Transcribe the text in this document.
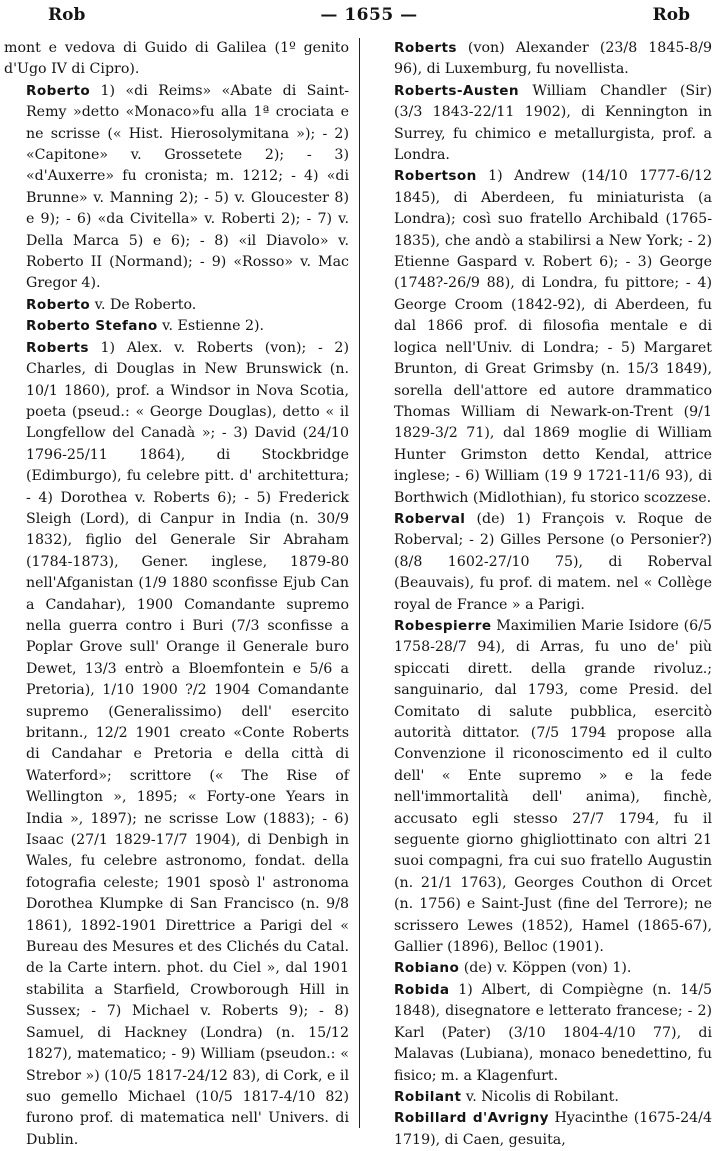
Rob	— 1655 —	Rob

mont e vedova di Guido di Galilea (1º genito d'Ugo IV di Cipro).

Roberto 1) «di Reims» «Abate di Saint-Remy »detto «Monaco»fu alla 1ª crociata e ne scrisse (« Hist. Hierosolymitana »); - 2) «Capitone» v. Grossetete 2); - 3) «d'Auxerre» fu cronista; m. 1212; - 4) «di Brunne» v. Manning 2); - 5) v. Gloucester 8) e 9); - 6) «da Civitella» v. Roberti 2); - 7) v. Della Marca 5) e 6); - 8) «il Diavolo» v. Roberto II (Normand); - 9) «Rosso» v. Mac Gregor 4).

Roberto v. De Roberto.

Roberto Stefano v. Estienne 2).

Roberts 1) Alex. v. Roberts (von); - 2) Charles, di Douglas in New Brunswick (n. 10/1 1860), prof. a Windsor in Nova Scotia, poeta (pseud.: « George Douglas), detto « il Longfellow del Canadà »; - 3) David (24/10 1796-25/11 1864), di Stockbridge (Edimburgo), fu celebre pitt. d' architettura; - 4) Dorothea v. Roberts 6); - 5) Frederick Sleigh (Lord), di Canpur in India (n. 30/9 1832), figlio del Generale Sir Abraham (1784-1873), Gener. inglese, 1879-80 nell'Afganistan (1/9 1880 sconfisse Ejub Can a Candahar), 1900 Comandante supremo nella guerra contro i Buri (7/3 sconfisse a Poplar Grove sull' Orange il Generale buro Dewet, 13/3 entrò a Bloemfontein e 5/6 a Pretoria), 1/10 1900 ?/2 1904 Comandante supremo (Generalissimo) dell' esercito britann., 12/2 1901 creato «Conte Roberts di Candahar e Pretoria e della città di Waterford»; scrittore (« The Rise of Wellington », 1895; « Forty-one Years in India », 1897); ne scrisse Low (1883); - 6) Isaac (27/1 1829-17/7 1904), di Denbigh in Wales, fu celebre astronomo, fondat. della fotografia celeste; 1901 sposò l' astronoma Dorothea Klumpke di San Francisco (n. 9/8 1861), 1892-1901 Direttrice a Parigi del « Bureau des Mesures et des Clichés du Catal. de la Carte intern. phot. du Ciel », dal 1901 stabilita a Starfield, Crowborough Hill in Sussex; - 7) Michael v. Roberts 9); - 8) Samuel, di Hackney (Londra) (n. 15/12 1827), matematico; - 9) William (pseudon.: « Strebor ») (10/5 1817-24/12 83), di Cork, e il suo gemello Michael (10/5 1817-4/10 82) furono prof. di matematica nell' Univers. di Dublin.

Roberts (von) Alexander (23/8 1845-8/9 96), di Luxemburg, fu novellista.

Roberts-Austen William Chandler (Sir) (3/3 1843-22/11 1902), di Kennington in Surrey, fu chimico e metallurgista, prof. a Londra.

Robertson 1) Andrew (14/10 1777-6/12 1845), di Aberdeen, fu miniaturista (a Londra); così suo fratello Archibald (1765-1835), che andò a stabilirsi a New York; - 2) Etienne Gaspard v. Robert 6); - 3) George (1748?-26/9 88), di Londra, fu pittore; - 4) George Croom (1842-92), di Aberdeen, fu dal 1866 prof. di filosofia mentale e di logica nell'Univ. di Londra; - 5) Margaret Brunton, di Great Grimsby (n. 15/3 1849), sorella dell'attore ed autore drammatico Thomas William di Newark-on-Trent (9/1 1829-3/2 71), dal 1869 moglie di William Hunter Grimston detto Kendal, attrice inglese; - 6) William (19 9 1721-11/6 93), di Borthwich (Midlothian), fu storico scozzese.

Roberval (de) 1) François v. Roque de Roberval; - 2) Gilles Persone (o Personier?) (8/8 1602-27/10 75), di Roberval (Beauvais), fu prof. di matem. nel « Collège royal de France » a Parigi.

Robespierre Maximilien Marie Isidore (6/5 1758-28/7 94), di Arras, fu uno de' più spiccati dirett. della grande rivoluz.; sanguinario, dal 1793, come Presid. del Comitato di salute pubblica, esercitò autorità dittator. (7/5 1794 propose alla Convenzione il riconoscimento ed il culto dell' « Ente supremo » e la fede nell'immortalità dell' anima), finchè, accusato egli stesso 27/7 1794, fu il seguente giorno ghigliottinato con altri 21 suoi compagni, fra cui suo fratello Augustin (n. 21/1 1763), Georges Couthon di Orcet (n. 1756) e Saint-Just (fine del Terrore); ne scrissero Lewes (1852), Hamel (1865-67), Gallier (1896), Belloc (1901).

Robiano (de) v. Köppen (von) 1).

Robida 1) Albert, di Compiègne (n. 14/5 1848), disegnatore e letterato francese; - 2) Karl (Pater) (3/10 1804-4/10 77), di Malavas (Lubiana), monaco benedettino, fu fisico; m. a Klagenfurt.

Robilant v. Nicolis di Robilant.

Robillard d'Avrigny Hyacinthe (1675-24/4 1719), di Caen, gesuita,
